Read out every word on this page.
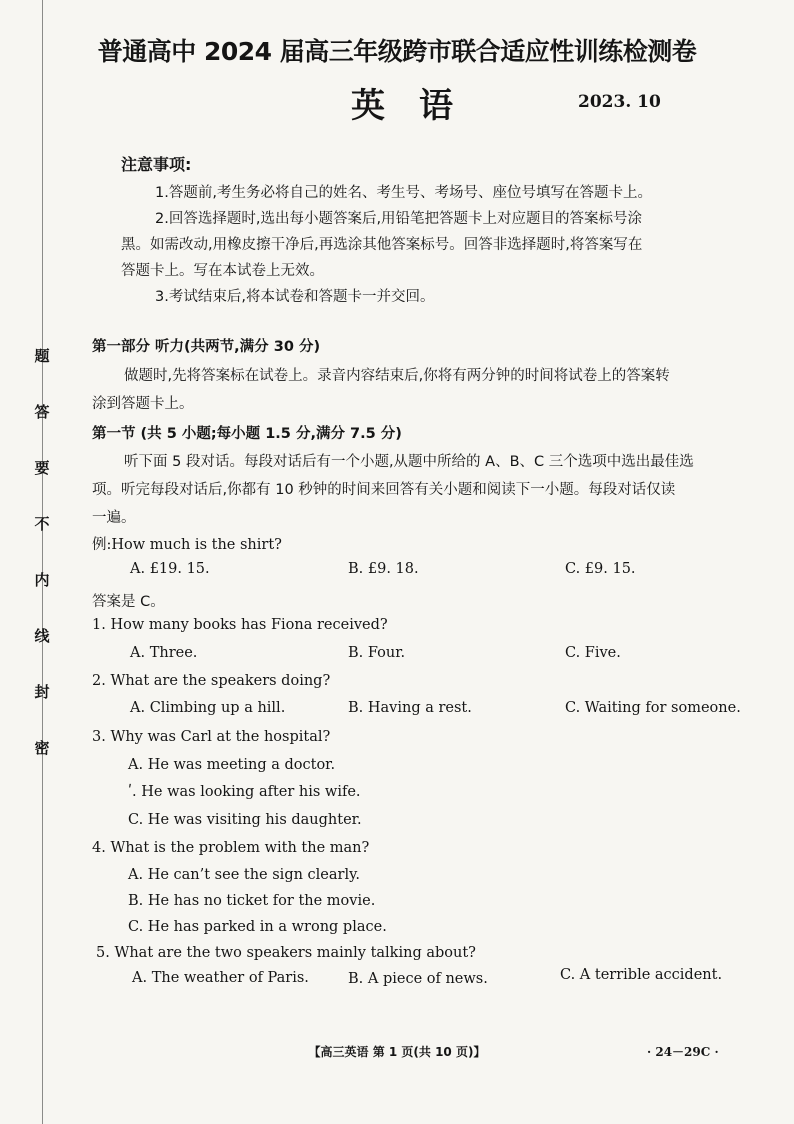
题
答
要
不
内
线
封
密
普通高中 2024 届高三年级跨市联合适应性训练检测卷
英语	2023. 10
注意事项:
1.答题前,考生务必将自己的姓名、考生号、考场号、座位号填写在答题卡上。
2.回答选择题时,选出每小题答案后,用铅笔把答题卡上对应题目的答案标号涂
黑。如需改动,用橡皮擦干净后,再选涂其他答案标号。回答非选择题时,将答案写在
答题卡上。写在本试卷上无效。
3.考试结束后,将本试卷和答题卡一并交回。
第一部分 听力(共两节,满分 30 分)
做题时,先将答案标在试卷上。录音内容结束后,你将有两分钟的时间将试卷上的答案转
涂到答题卡上。
第一节 (共 5 小题;每小题 1.5 分,满分 7.5 分)
听下面 5 段对话。每段对话后有一个小题,从题中所给的 A、B、C 三个选项中选出最佳选
项。听完每段对话后,你都有 10 秒钟的时间来回答有关小题和阅读下一小题。每段对话仅读
一遍。
例:How much is the shirt?
A. £19. 15.	B. £9. 18.	C. £9. 15.
答案是 C。
1. How many books has Fiona received?
A. Three.	B. Four.	C. Five.
2. What are the speakers doing?
A. Climbing up a hill.	B. Having a rest.	C. Waiting for someone.
3. Why was Carl at the hospital?
A. He was meeting a doctor.
ʹ. He was looking after his wife.
C. He was visiting his daughter.
4. What is the problem with the man?
A. He can’t see the sign clearly.
B. He has no ticket for the movie.
C. He has parked in a wrong place.
5. What are the two speakers mainly talking about?
A. The weather of Paris.	B. A piece of news.	C. A terrible accident.
【高三英语 第 1 页(共 10 页)】	· 24－29C ·
